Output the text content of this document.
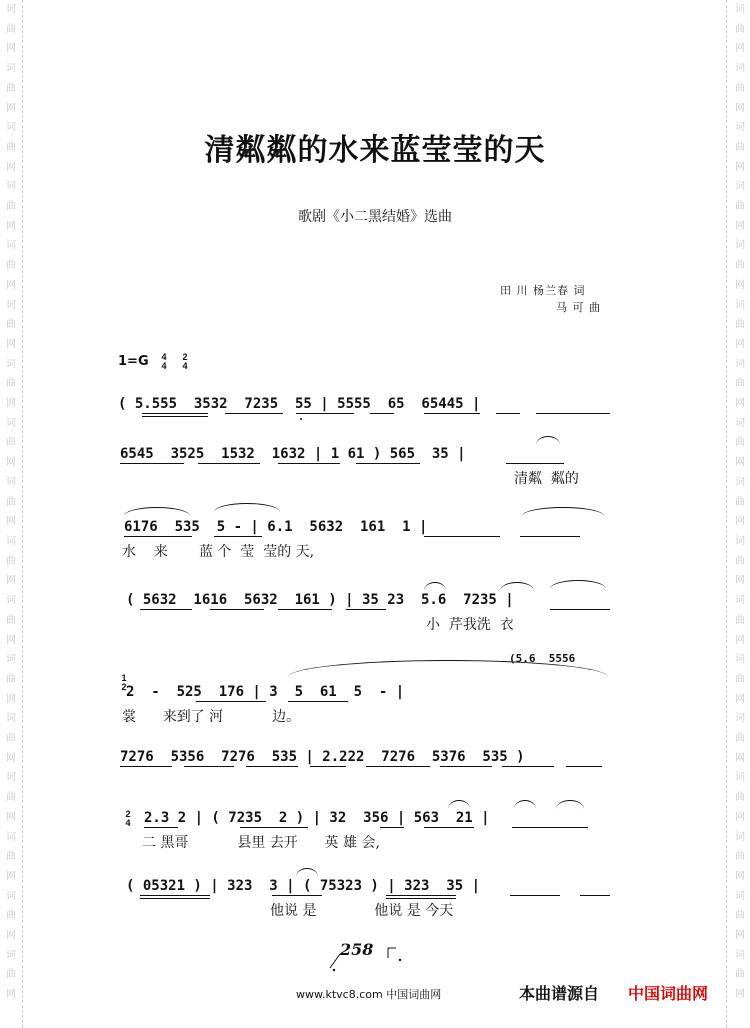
词
曲
网
词
曲
网
词
曲
网
词
曲
网
词
曲
网
词
曲
网
词
曲
网
词
曲
网
词
曲
网
词
曲
网
词
曲
网
词
曲
网
词
曲
网
词
曲
网
词
曲
网
词
曲
网
词
曲
网
词
曲
网
词
曲
网
词
曲
网
词
曲
网
词
曲
网
词
曲
网
词
曲
网
词
曲
网
词
曲
网
词
曲
网
词
曲
网
词
曲
网
词
曲
网
词
曲
网
词
曲
网
词
曲
网
词
曲
网
清粼粼的水来蓝莹莹的天
歌剧《小二黑结婚》选曲
田 川 杨兰春 词
马 可 曲
1=G 4
4
2
4
( 5.555  3532  7235  55 | 5555  65  65445 |
6545  3525  1532  1632 | 1 61 ) 565  35 |
清粼  粼的
6176  535  5 - | 6.1  5632  161  1 |
水    来       蓝 个  莹  莹的 天,
( 5632  1616  5632  161 ) | 35 23  5.6  7235 |
小  芹我洗  衣
(5.6  5556
1
2 2  -  525  176 | 3  5  61  5  - |
裳      来到了 河           边。
7276  5356  7276  535 | 2.222  7276  5376  535 )
2
4 2.3 2 | ( 7235  2 ) | 32  356 | 563  21 |
二 黑哥           县里 去开      英 雄 会,
( 05321 ) | 323  3 | ( 75323 ) | 323  35 |
他说 是             他说 是 今天
258
www.ktvc8.com 中国词曲网	本曲谱源自 中国词曲网
